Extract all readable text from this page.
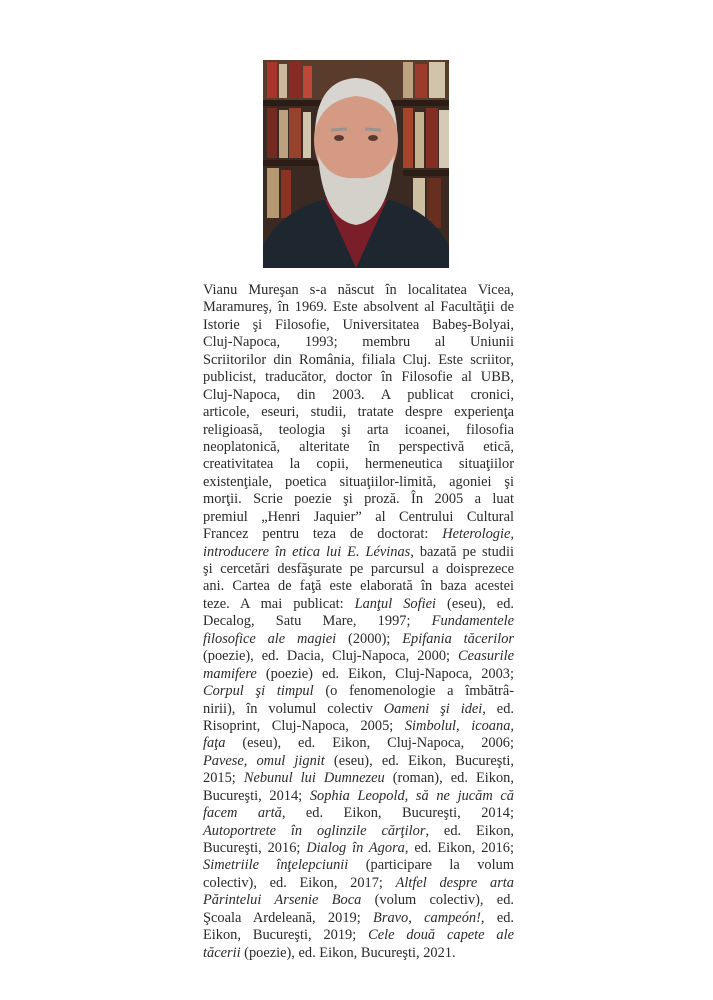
Vianu Mureşan s-a născut în localitatea Vicea,
Maramureş, în 1969. Este absolvent al Facultăţii de
Istorie şi Filosofie, Universitatea Babeş-Bolyai,
Cluj-Napoca, 1993; membru al Uniunii
Scriitorilor din România, filiala Cluj. Este scriitor,
publicist, traducător, doctor în Filosofie al UBB,
Cluj-Napoca, din 2003. A publicat cronici,
articole, eseuri, studii, tratate despre experienţa
religioasă, teologia şi arta icoanei, filosofia
neoplatonică, alteritate în perspectivă etică,
creativitatea la copii, hermeneutica situaţiilor
existenţiale, poetica situaţiilor-limită, agoniei şi
morţii. Scrie poezie şi proză. În 2005 a luat
premiul „Henri Jaquier” al Centrului Cultural
Francez pentru teza de doctorat: Heterologie,
introducere în etica lui E. Lévinas, bazată pe studii
şi cercetări desfăşurate pe parcursul a doisprezece
ani. Cartea de faţă este elaborată în baza acestei
teze. A mai publicat: Lanţul Sofiei (eseu), ed.
Decalog, Satu Mare, 1997; Fundamentele
filosofice ale magiei (2000); Epifania tăcerilor
(poezie), ed. Dacia, Cluj-Napoca, 2000; Ceasurile
mamifere (poezie) ed. Eikon, Cluj-Napoca, 2003;
Corpul şi timpul (o fenomenologie a îmbătrâ-
nirii), în volumul colectiv Oameni şi idei, ed.
Risoprint, Cluj-Napoca, 2005; Simbolul, icoana,
faţa (eseu), ed. Eikon, Cluj-Napoca, 2006;
Pavese, omul jignit (eseu), ed. Eikon, Bucureşti,
2015; Nebunul lui Dumnezeu (roman), ed. Eikon,
Bucureşti, 2014; Sophia Leopold, să ne jucăm că
facem artă, ed. Eikon, Bucureşti, 2014;
Autoportrete în oglinzile cărţilor, ed. Eikon,
Bucureşti, 2016; Dialog în Agora, ed. Eikon, 2016;
Simetriile înţelepciunii (participare la volum
colectiv), ed. Eikon, 2017; Altfel despre arta
Părintelui Arsenie Boca (volum colectiv), ed.
Şcoala Ardeleană, 2019; Bravo, campeón!, ed.
Eikon, Bucureşti, 2019; Cele două capete ale
tăcerii (poezie), ed. Eikon, Bucureşti, 2021.
